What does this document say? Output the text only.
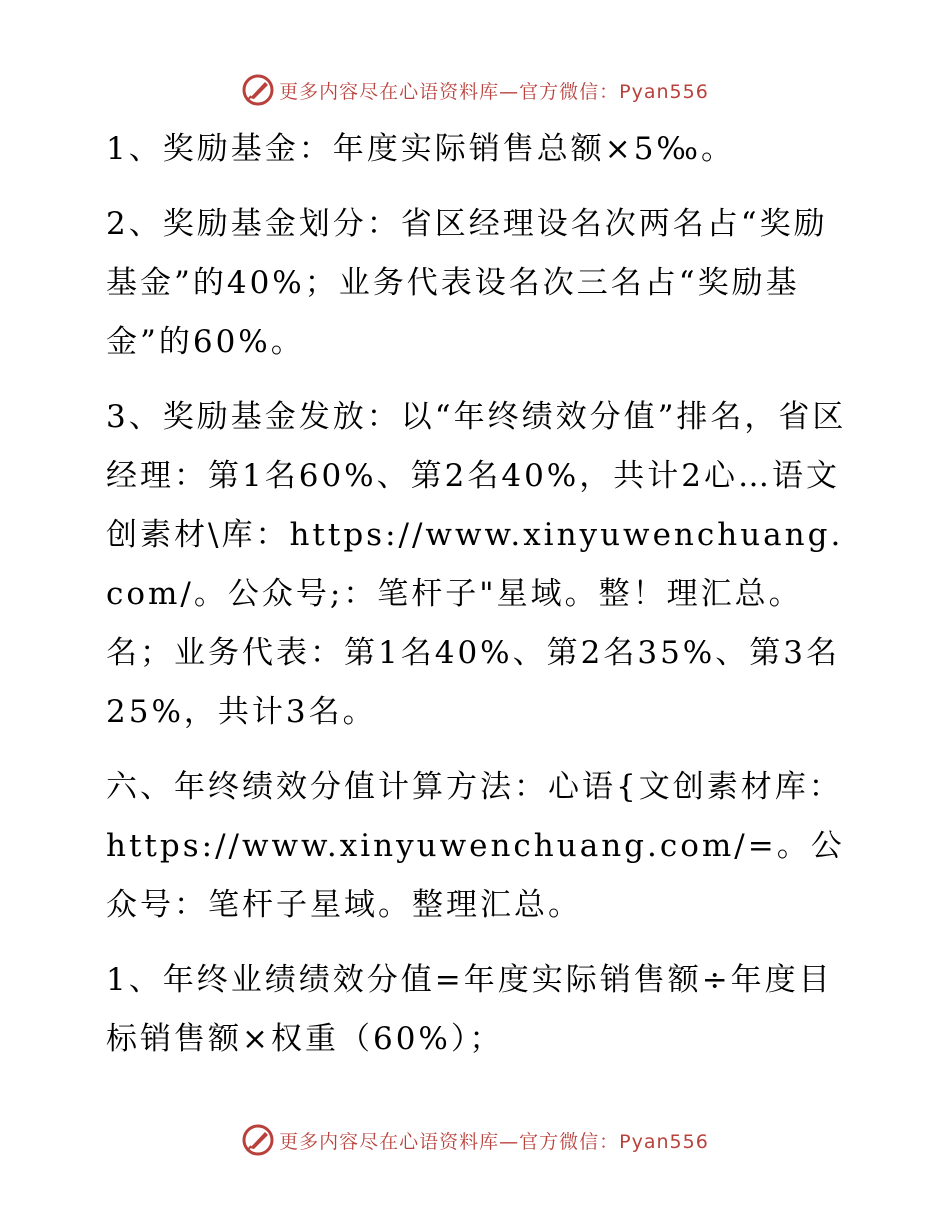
更多内容尽在心语资料库—官方微信：Pyan556

1、奖励基金：年度实际销售总额×5‰。

2、奖励基金划分：省区经理设名次两名占“奖励基金”的40%；业务代表设名次三名占“奖励基金”的60%。

3、奖励基金发放：以“年终绩效分值”排名，省区经理：第1名60%、第2名40%，共计2心…语文创素材\库：https://www.xinyuwenchuang.com/。公众号;：笔杆子"星域。整！理汇总。名；业务代表：第1名40%、第2名35%、第3名25%，共计3名。

六、年终绩效分值计算方法：心语{文创素材库：https://www.xinyuwenchuang.com/=。公众号：笔杆子星域。整理汇总。

1、年终业绩绩效分值=年度实际销售额÷年度目标销售额×权重（60%）；

更多内容尽在心语资料库—官方微信：Pyan556
